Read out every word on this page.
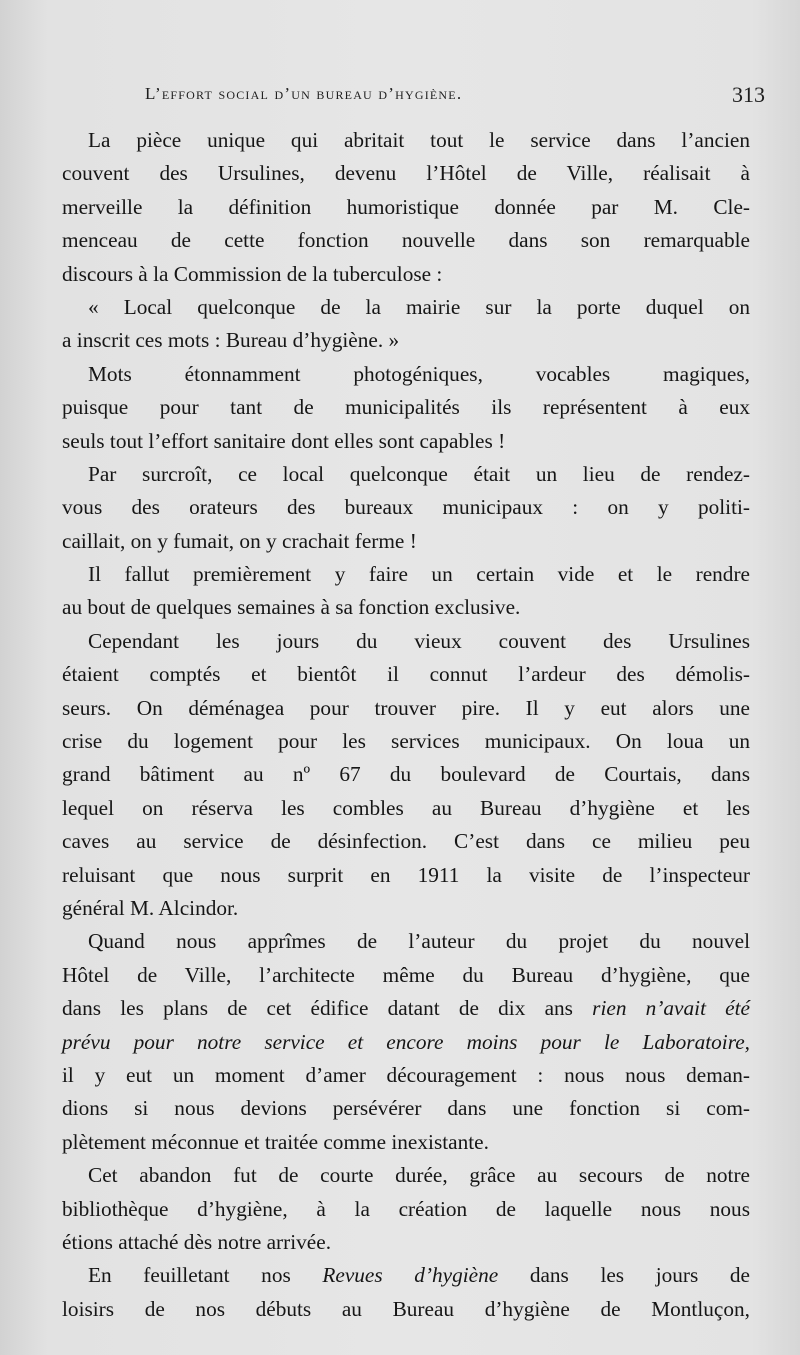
L’effort social d’un bureau d’hygiène.	313
La pièce unique qui abritait tout le service dans l’ancien
couvent des Ursulines, devenu l’Hôtel de Ville, réalisait à
merveille la définition humoristique donnée par M. Cle-
menceau de cette fonction nouvelle dans son remarquable
discours à la Commission de la tuberculose :
« Local quelconque de la mairie sur la porte duquel on
a inscrit ces mots : Bureau d’hygiène. »
Mots étonnamment photogéniques, vocables magiques,
puisque pour tant de municipalités ils représentent à eux
seuls tout l’effort sanitaire dont elles sont capables !
Par surcroît, ce local quelconque était un lieu de rendez-
vous des orateurs des bureaux municipaux : on y politi-
caillait, on y fumait, on y crachait ferme !
Il fallut premièrement y faire un certain vide et le rendre
au bout de quelques semaines à sa fonction exclusive.
Cependant les jours du vieux couvent des Ursulines
étaient comptés et bientôt il connut l’ardeur des démolis-
seurs. On déménagea pour trouver pire. Il y eut alors une
crise du logement pour les services municipaux. On loua un
grand bâtiment au nº 67 du boulevard de Courtais, dans
lequel on réserva les combles au Bureau d’hygiène et les
caves au service de désinfection. C’est dans ce milieu peu
reluisant que nous surprit en 1911 la visite de l’inspecteur
général M. Alcindor.
Quand nous apprîmes de l’auteur du projet du nouvel
Hôtel de Ville, l’architecte même du Bureau d’hygiène, que
dans les plans de cet édifice datant de dix ans rien n’avait été
prévu pour notre service et encore moins pour le Laboratoire,
il y eut un moment d’amer découragement : nous nous deman-
dions si nous devions persévérer dans une fonction si com-
plètement méconnue et traitée comme inexistante.
Cet abandon fut de courte durée, grâce au secours de notre
bibliothèque d’hygiène, à la création de laquelle nous nous
étions attaché dès notre arrivée.
En feuilletant nos Revues d’hygiène dans les jours de
loisirs de nos débuts au Bureau d’hygiène de Montluçon,
